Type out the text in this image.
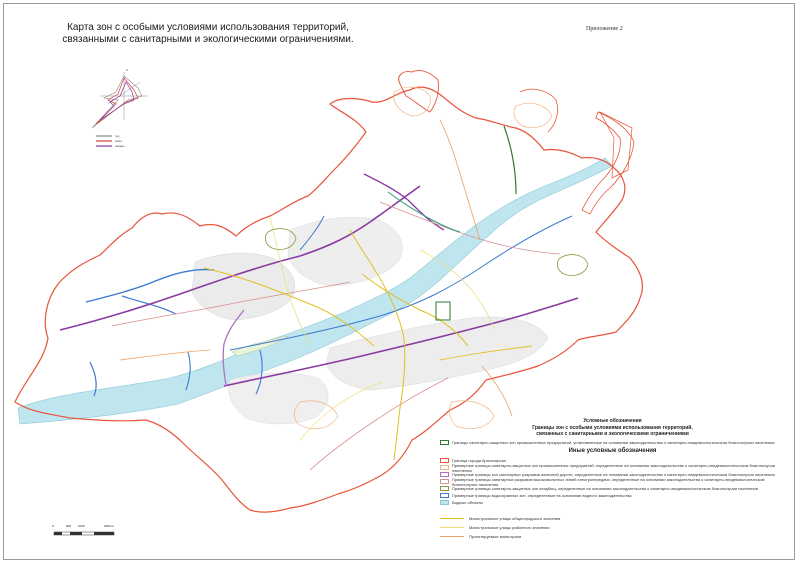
Карта зон с особыми условиями использования территорий,
связанными с санитарными и экологическими ограничениями.
Приложение 2
С
год
зима
январь
Условные обозначения
Границы зон с особыми условиями использования территорий,
связанных с санитарными и экологическими ограничениями
Границы санитарно-защитных зон промышленных предприятий, установленные на основании законодательства о санитарно-эпидемиологическом благополучии населения
Иные условные обозначения
Граница города Красноярска
Примерные границы санитарно-защитных зон промышленных предприятий, определенные на основании законодательства о санитарно-эпидемиологическом благополучии населения
Примерные границы зон санитарных разрывов железной дороги, определенные на основании законодательства о санитарно-эпидемиологическом благополучии населения
Примерные границы санитарных разрывов высоковольтных линий электропередачи, определенные на основании законодательства о санитарно-эпидемиологическом благополучии населения
Примерные границы санитарно-защитных зон кладбищ, определенные на основании законодательства о санитарно-эпидемиологическом благополучии населения
Примерные границы водоохранных зон, определенные на основании водного законодательства
Водные объекты
Магистральные улицы общегородского значения
Магистральные улицы районного значения
Проектируемые магистрали
0	500 1000	2000 м
